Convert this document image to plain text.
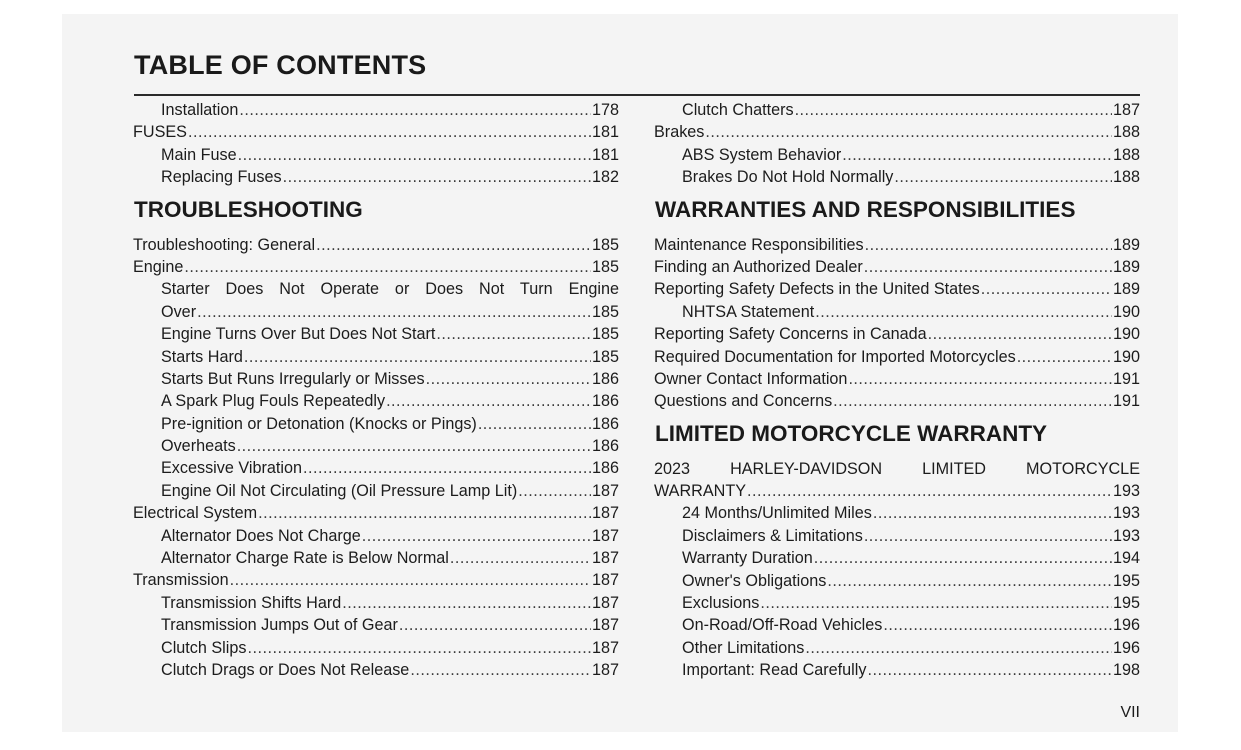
TABLE OF CONTENTS
Installation .....	178
FUSES .....	181
Main Fuse .....	181
Replacing Fuses .....	182
TROUBLESHOOTING
Troubleshooting: General .....	185
Engine .....	185
Starter Does Not Operate or Does Not Turn Engine
Over .....	185
Engine Turns Over But Does Not Start .....	185
Starts Hard .....	185
Starts But Runs Irregularly or Misses .....	186
A Spark Plug Fouls Repeatedly .....	186
Pre-ignition or Detonation (Knocks or Pings) .....	186
Overheats .....	186
Excessive Vibration .....	186
Engine Oil Not Circulating (Oil Pressure Lamp Lit) .....	187
Electrical System .....	187
Alternator Does Not Charge .....	187
Alternator Charge Rate is Below Normal .....	187
Transmission .....	187
Transmission Shifts Hard .....	187
Transmission Jumps Out of Gear .....	187
Clutch Slips .....	187
Clutch Drags or Does Not Release .....	187
Clutch Chatters .....	187
Brakes .....	188
ABS System Behavior .....	188
Brakes Do Not Hold Normally .....	188
WARRANTIES AND RESPONSIBILITIES
Maintenance Responsibilities .....	189
Finding an Authorized Dealer .....	189
Reporting Safety Defects in the United States .....	189
NHTSA Statement .....	190
Reporting Safety Concerns in Canada .....	190
Required Documentation for Imported Motorcycles .....	190
Owner Contact Information .....	191
Questions and Concerns .....	191
LIMITED MOTORCYCLE WARRANTY
2023 HARLEY-DAVIDSON LIMITED MOTORCYCLE
WARRANTY .....	193
24 Months/Unlimited Miles .....	193
Disclaimers & Limitations .....	193
Warranty Duration .....	194
Owner's Obligations .....	195
Exclusions .....	195
On-Road/Off-Road Vehicles .....	196
Other Limitations .....	196
Important: Read Carefully .....	198
VII
